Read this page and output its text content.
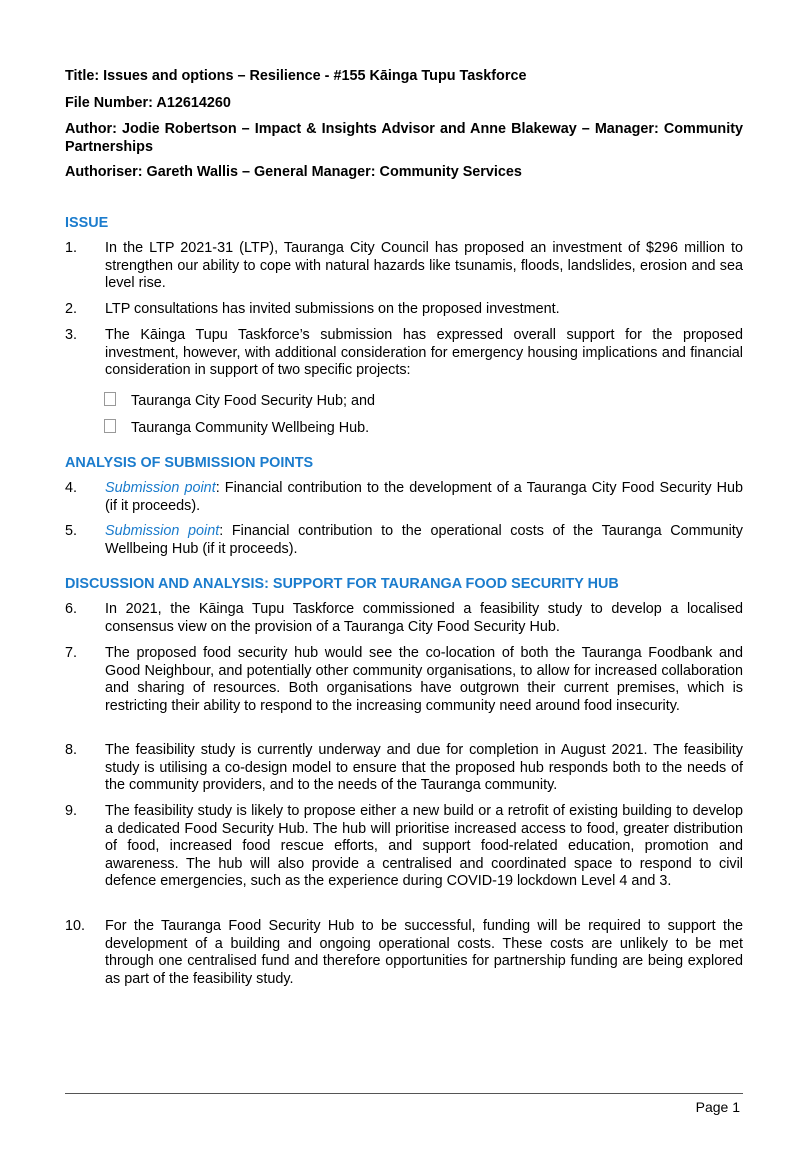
Title: Issues and options – Resilience - #155 Kāinga Tupu Taskforce
File Number: A12614260
Author: Jodie Robertson – Impact & Insights Advisor and Anne Blakeway – Manager: Community Partnerships
Authoriser: Gareth Wallis – General Manager: Community Services
ISSUE
1. In the LTP 2021-31 (LTP), Tauranga City Council has proposed an investment of $296 million to strengthen our ability to cope with natural hazards like tsunamis, floods, landslides, erosion and sea level rise.
2. LTP consultations has invited submissions on the proposed investment.
3. The Kāinga Tupu Taskforce’s submission has expressed overall support for the proposed investment, however, with additional consideration for emergency housing implications and financial consideration in support of two specific projects:
Tauranga City Food Security Hub; and
Tauranga Community Wellbeing Hub.
ANALYSIS OF SUBMISSION POINTS
4. Submission point: Financial contribution to the development of a Tauranga City Food Security Hub (if it proceeds).
5. Submission point: Financial contribution to the operational costs of the Tauranga Community Wellbeing Hub (if it proceeds).
DISCUSSION AND ANALYSIS: SUPPORT FOR TAURANGA FOOD SECURITY HUB
6. In 2021, the Kāinga Tupu Taskforce commissioned a feasibility study to develop a localised consensus view on the provision of a Tauranga City Food Security Hub.
7. The proposed food security hub would see the co-location of both the Tauranga Foodbank and Good Neighbour, and potentially other community organisations, to allow for increased collaboration and sharing of resources. Both organisations have outgrown their current premises, which is restricting their ability to respond to the increasing community need around food insecurity.
8. The feasibility study is currently underway and due for completion in August 2021. The feasibility study is utilising a co-design model to ensure that the proposed hub responds both to the needs of the community providers, and to the needs of the Tauranga community.
9. The feasibility study is likely to propose either a new build or a retrofit of existing building to develop a dedicated Food Security Hub. The hub will prioritise increased access to food, greater distribution of food, increased food rescue efforts, and support food-related education, promotion and awareness. The hub will also provide a centralised and coordinated space to respond to civil defence emergencies, such as the experience during COVID-19 lockdown Level 4 and 3.
10. For the Tauranga Food Security Hub to be successful, funding will be required to support the development of a building and ongoing operational costs. These costs are unlikely to be met through one centralised fund and therefore opportunities for partnership funding are being explored as part of the feasibility study.
Page 1
